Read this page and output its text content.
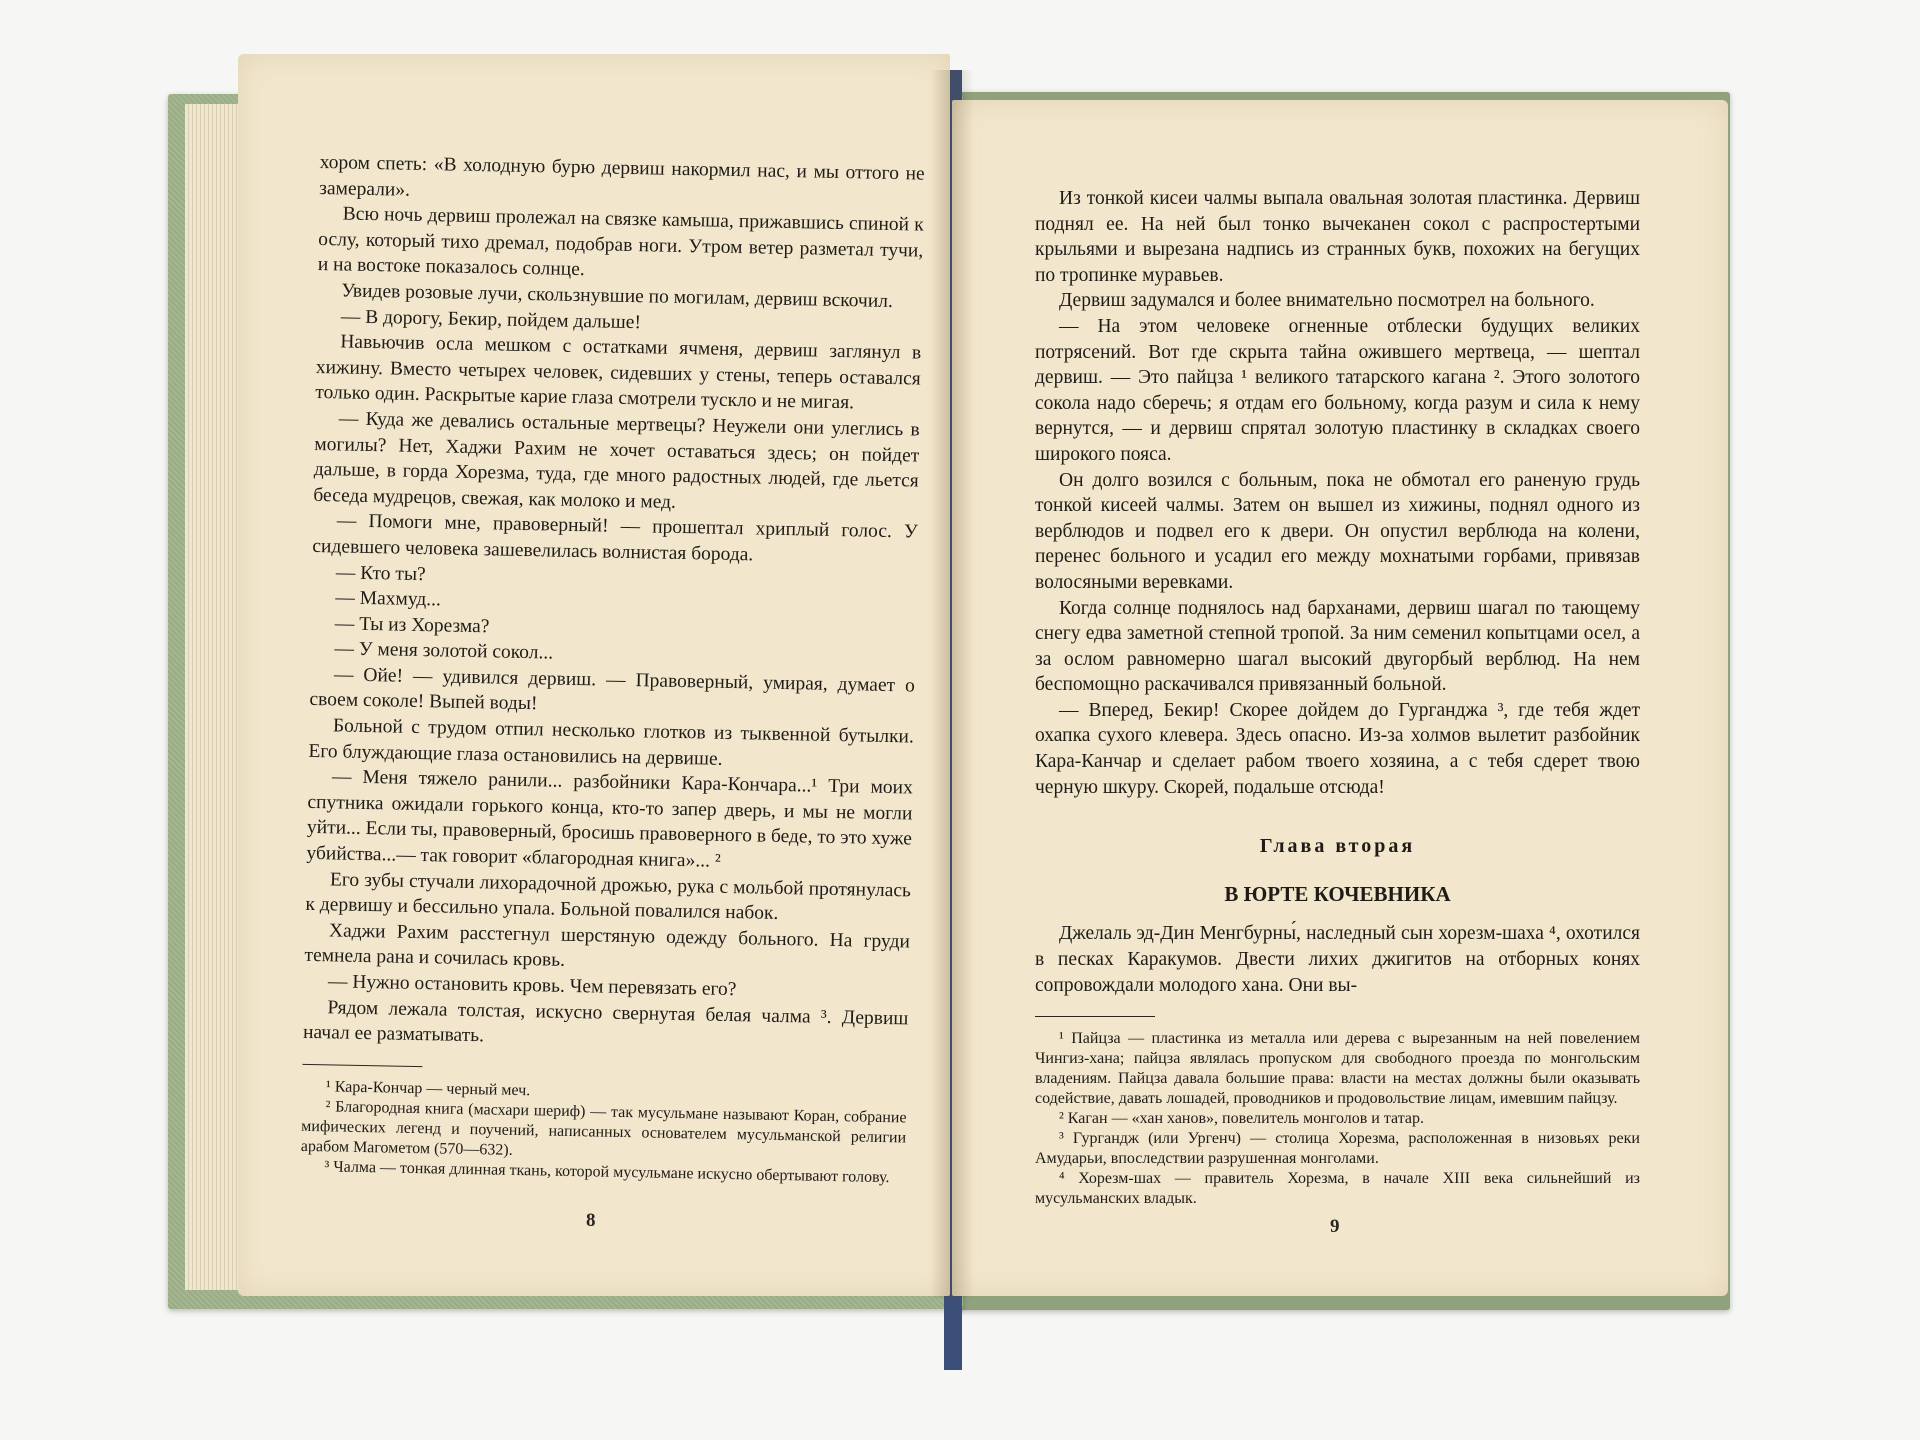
хором спеть: «В холодную бурю дервиш накормил нас, и мы оттого не замерали».

Всю ночь дервиш пролежал на связке камыша, прижавшись спиной к ослу, который тихо дремал, подобрав ноги. Утром ветер разметал тучи, и на востоке показалось солнце.

Увидев розовые лучи, скользнувшие по могилам, дервиш вскочил.

— В дорогу, Бекир, пойдем дальше!

Навьючив осла мешком с остатками ячменя, дервиш заглянул в хижину. Вместо четырех человек, сидевших у стены, теперь оставался только один. Раскрытые карие глаза смотрели тускло и не мигая.

— Куда же девались остальные мертвецы? Неужели они улеглись в могилы? Нет, Хаджи Рахим не хочет оставаться здесь; он пойдет дальше, в горда Хорезма, туда, где много радостных людей, где льется беседа мудрецов, свежая, как молоко и мед.

— Помоги мне, правоверный! — прошептал хриплый голос. У сидевшего человека зашевелилась волнистая борода.

— Кто ты?

— Махмуд...

— Ты из Хорезма?

— У меня золотой сокол...

— Ойе! — удивился дервиш. — Правоверный, умирая, думает о своем соколе! Выпей воды!

Больной с трудом отпил несколько глотков из тыквенной бутылки. Его блуждающие глаза остановились на дервише.

— Меня тяжело ранили... разбойники Кара-Кончара...¹ Три моих спутника ожидали горького конца, кто-то запер дверь, и мы не могли уйти... Если ты, правоверный, бросишь правоверного в беде, то это хуже убийства...— так говорит «благородная книга»... ²

Его зубы стучали лихорадочной дрожью, рука с мольбой протянулась к дервишу и бессильно упала. Больной повалился набок.

Хаджи Рахим расстегнул шерстяную одежду больного. На груди темнела рана и сочилась кровь.

— Нужно остановить кровь. Чем перевязать его?

Рядом лежала толстая, искусно свернутая белая чалма ³. Дервиш начал ее разматывать.

¹ Кара-Кончар — черный меч.

² Благородная книга (масхари шериф) — так мусульмане называют Коран, собрание мифических легенд и поучений, написанных основателем мусульманской религии арабом Магометом (570—632).

³ Чалма — тонкая длинная ткань, которой мусульмане искусно обертывают голову.

8

Из тонкой кисеи чалмы выпала овальная золотая пластинка. Дервиш поднял ее. На ней был тонко вычеканен сокол с распростертыми крыльями и вырезана надпись из странных букв, похожих на бегущих по тропинке муравьев.

Дервиш задумался и более внимательно посмотрел на больного.

— На этом человеке огненные отблески будущих великих потрясений. Вот где скрыта тайна ожившего мертвеца, — шептал дервиш. — Это пайцза ¹ великого татарского кагана ². Этого золотого сокола надо сберечь; я отдам его больному, когда разум и сила к нему вернутся, — и дервиш спрятал золотую пластинку в складках своего широкого пояса.

Он долго возился с больным, пока не обмотал его раненую грудь тонкой кисеей чалмы. Затем он вышел из хижины, поднял одного из верблюдов и подвел его к двери. Он опустил верблюда на колени, перенес больного и усадил его между мохнатыми горбами, привязав волосяными веревками.

Когда солнце поднялось над барханами, дервиш шагал по тающему снегу едва заметной степной тропой. За ним семенил копытцами осел, а за ослом равномерно шагал высокий двугорбый верблюд. На нем беспомощно раскачивался привязанный больной.

— Вперед, Бекир! Скорее дойдем до Гурганджа ³, где тебя ждет охапка сухого клевера. Здесь опасно. Из-за холмов вылетит разбойник Кара-Канчар и сделает рабом твоего хозяина, а с тебя сдерет твою черную шкуру. Скорей, подальше отсюда!

Глава вторая
В ЮРТЕ КОЧЕВНИКА

Джелаль эд-Дин Менгбурны́, наследный сын хорезм-шаха ⁴, охотился в песках Каракумов. Двести лихих джигитов на отборных конях сопровождали молодого хана. Они вы-

¹ Пайцза — пластинка из металла или дерева с вырезанным на ней повелением Чингиз-хана; пайцза являлась пропуском для свободного проезда по монгольским владениям. Пайцза давала большие права: власти на местах должны были оказывать содействие, давать лошадей, проводников и продовольствие лицам, имевшим пайцзу.

² Каган — «хан ханов», повелитель монголов и татар.

³ Гургандж (или Ургенч) — столица Хорезма, расположенная в низовьях реки Амударьи, впоследствии разрушенная монголами.

⁴ Хорезм-шах — правитель Хорезма, в начале XIII века сильнейший из мусульманских владык.

9
